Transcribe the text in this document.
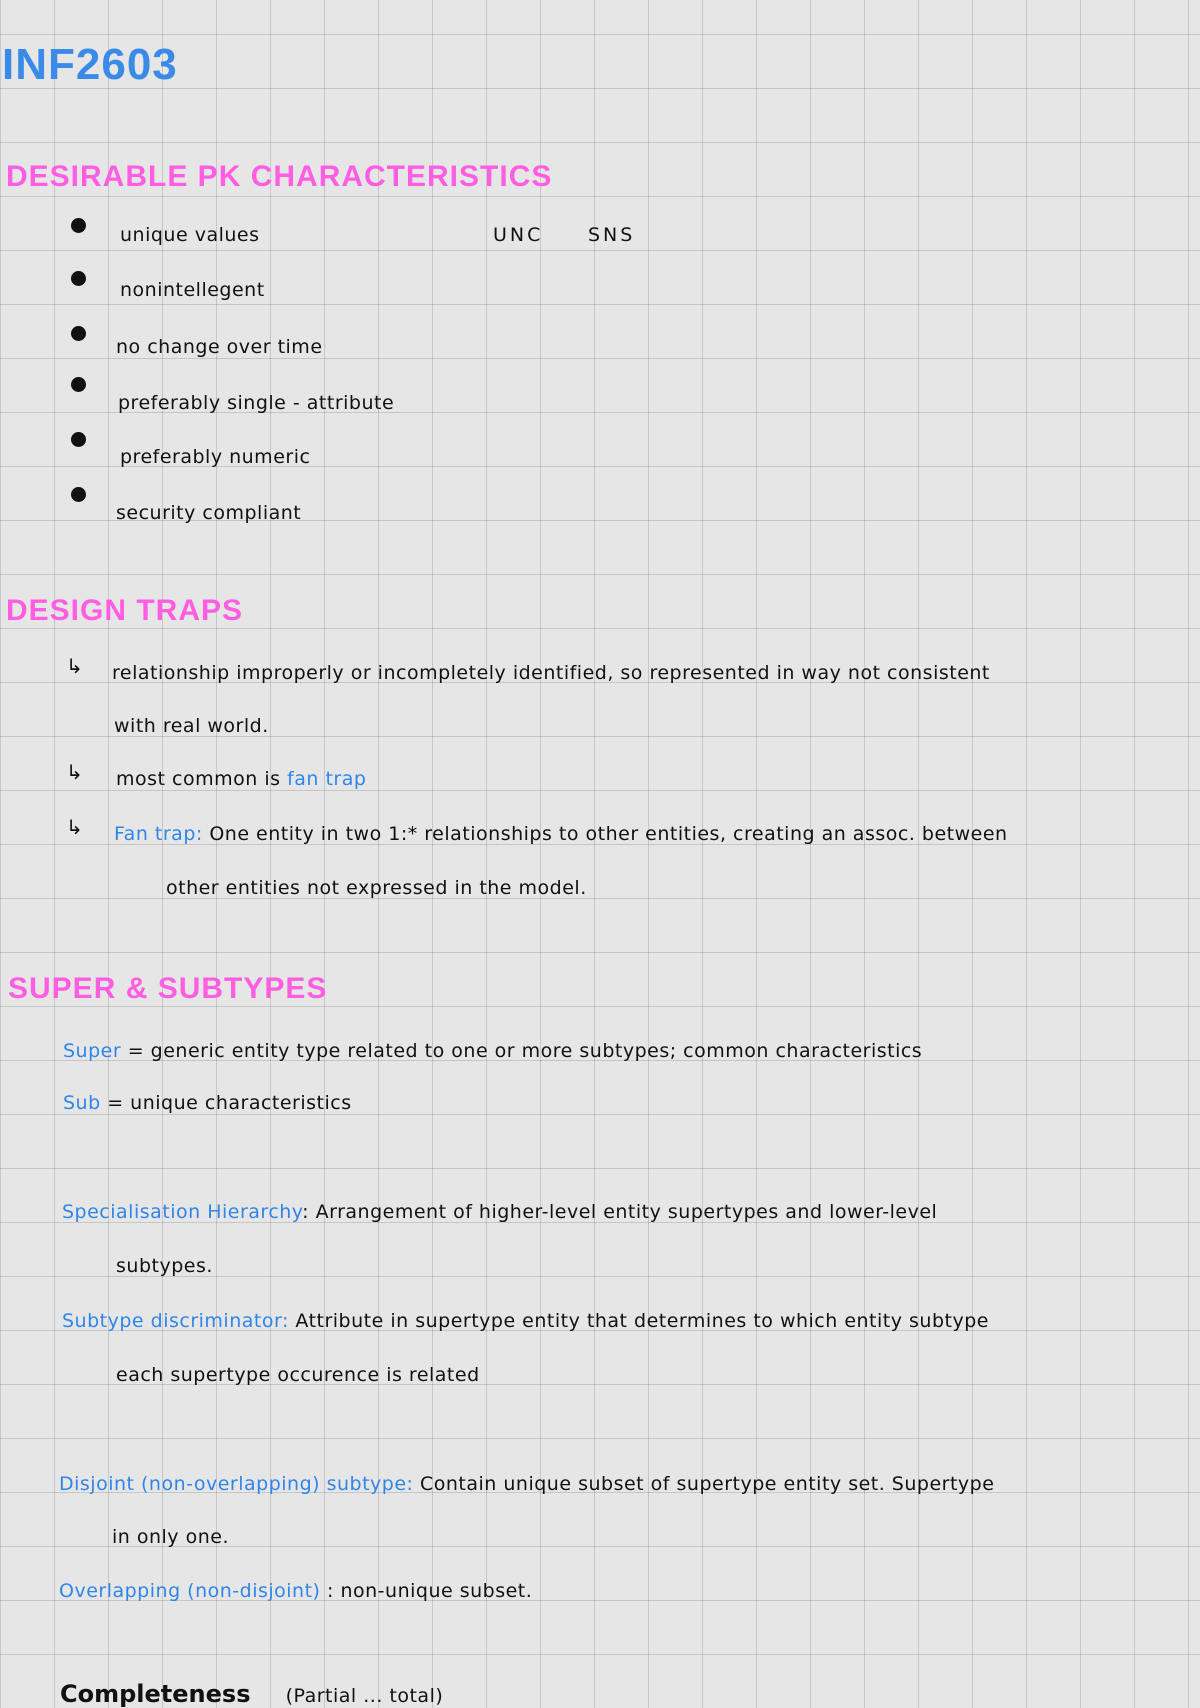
INF2603
DESIRABLE PK CHARACTERISTICS
unique values
nonintellegent
no change over time
preferably single - attribute
preferably numeric
security compliant
UNC SNS
DESIGN TRAPS
↳ relationship improperly or incompletely identified, so represented in way not consistent
with real world.
↳ most common is fan trap
↳ Fan trap: One entity in two 1:* relationships to other entities, creating an assoc. between
other entities not expressed in the model.
SUPER & SUBTYPES
Super = generic entity type related to one or more subtypes; common characteristics
Sub = unique characteristics
Specialisation Hierarchy: Arrangement of higher-level entity supertypes and lower-level
subtypes.
Subtype discriminator: Attribute in supertype entity that determines to which entity subtype
each supertype occurence is related
Disjoint (non-overlapping) subtype: Contain unique subset of supertype entity set. Supertype
in only one.
Overlapping (non-disjoint) : non-unique subset.
Completeness (Partial ... total)
